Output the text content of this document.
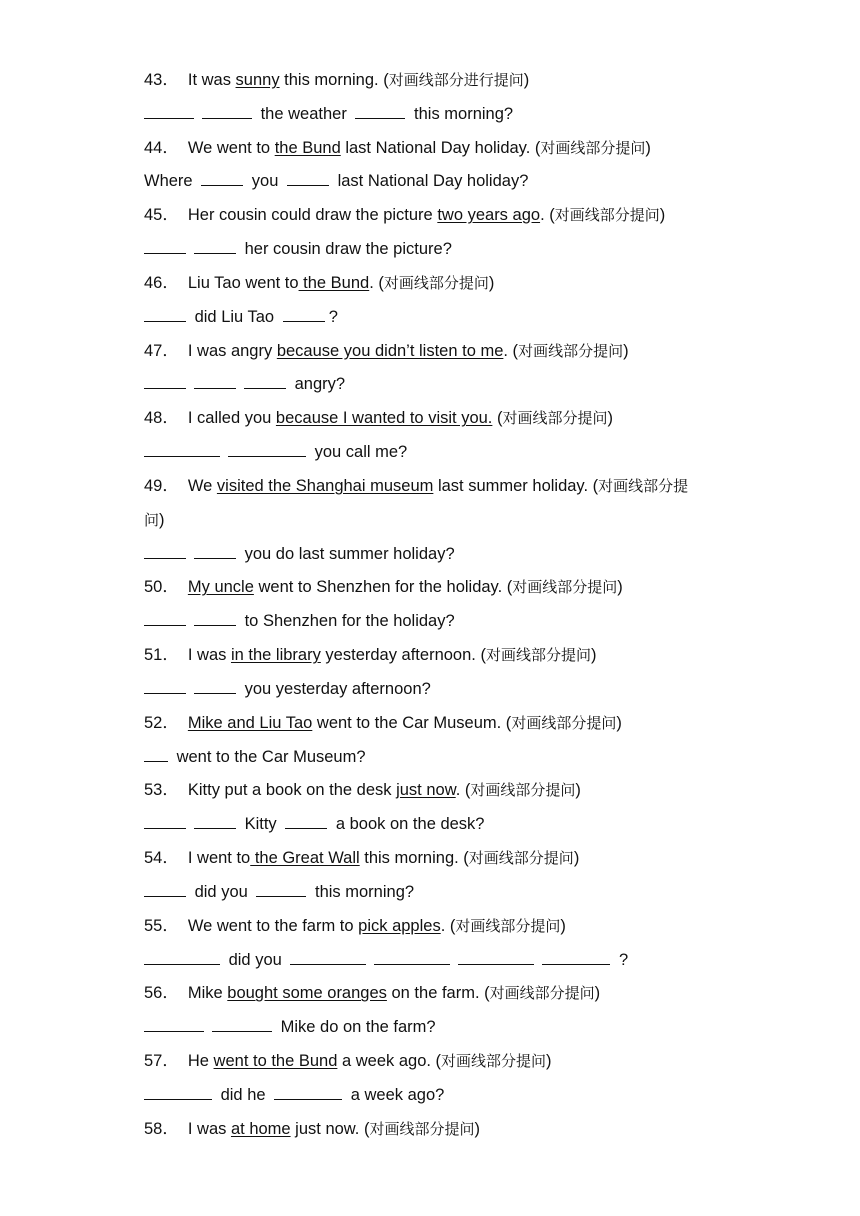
43． It was sunny this morning. (对画线部分进行提问)
the weather	this morning?
44． We went to the Bund last National Day holiday. (对画线部分提问)
Where	you	last National Day holiday?
45． Her cousin could draw the picture two years ago. (对画线部分提问)
her cousin draw the picture?
46． Liu Tao went to the Bund. (对画线部分提问)
did Liu Tao	?
47． I was angry because you didn’t listen to me. (对画线部分提问)
angry?
48． I called you because I wanted to visit you. (对画线部分提问)
you call me?
49． We visited the Shanghai museum last summer holiday. (对画线部分提
问)
you do last summer holiday?
50． My uncle went to Shenzhen for the holiday. (对画线部分提问)
to Shenzhen for the holiday?
51． I was in the library yesterday afternoon. (对画线部分提问)
you yesterday afternoon?
52． Mike and Liu Tao went to the Car Museum. (对画线部分提问)
went to the Car Museum?
53． Kitty put a book on the desk just now. (对画线部分提问)
Kitty	a book on the desk?
54． I went to the Great Wall this morning. (对画线部分提问)
did you	this morning?
55． We went to the farm to pick apples. (对画线部分提问)
did you	?
56． Mike bought some oranges on the farm. (对画线部分提问)
Mike do on the farm?
57． He went to the Bund a week ago. (对画线部分提问)
did he	a week ago?
58． I was at home just now. (对画线部分提问)
